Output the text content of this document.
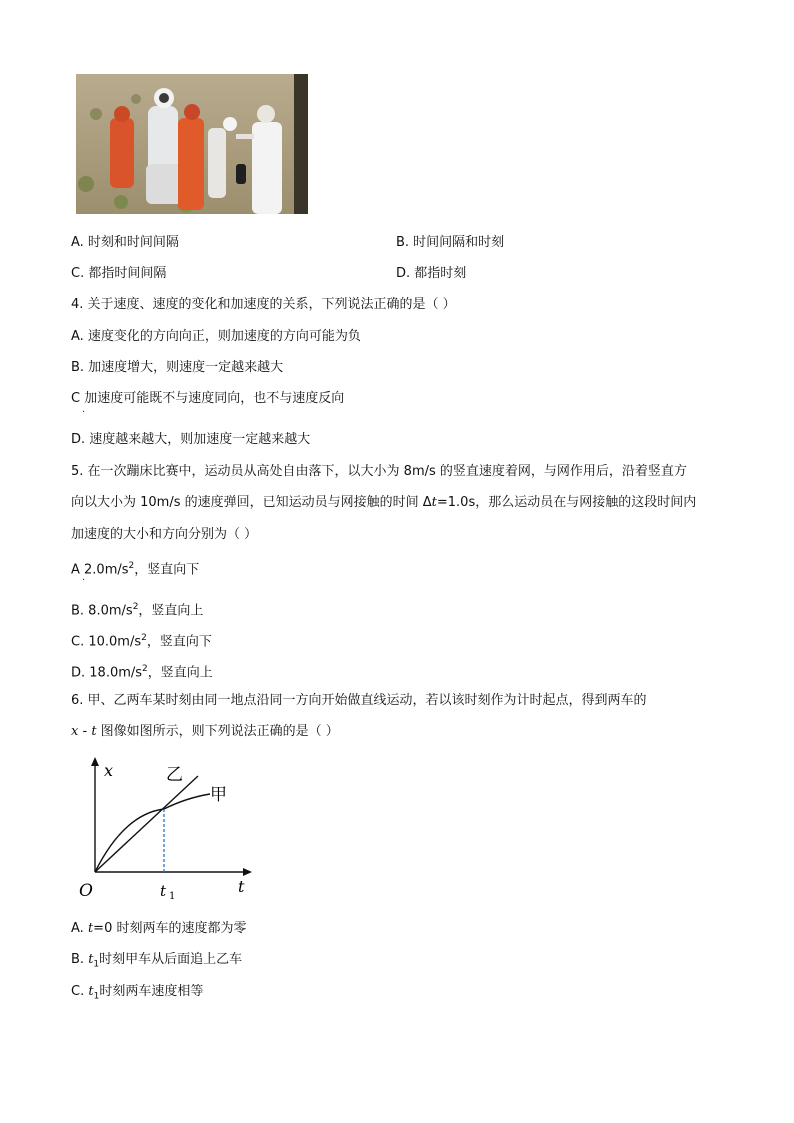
A. 时刻和时间间隔	B. 时间间隔和时刻
C. 都指时间间隔	D. 都指时刻
4. 关于速度、速度的变化和加速度的关系，下列说法正确的是（ ）
A. 速度变化的方向向正，则加速度的方向可能为负
B. 加速度增大，则速度一定越来越大
C 加速度可能既不与速度同向，也不与速度反向
·
D. 速度越来越大，则加速度一定越来越大
5. 在一次蹦床比赛中，运动员从高处自由落下，以大小为 8m/s 的竖直速度着网，与网作用后，沿着竖直方
向以大小为 10m/s 的速度弹回，已知运动员与网接触的时间 Δt=1.0s，那么运动员在与网接触的这段时间内
加速度的大小和方向分别为（ ）
A $2.0m/s^2$，竖直向下
·
B. $8.0m/s^2$，竖直向上
C. $10.0m/s^2$，竖直向下
D. $18.0m/s^2$，竖直向上
6. 甲、乙两车某时刻由同一地点沿同一方向开始做直线运动，若以该时刻作为计时起点，得到两车的
x - t 图像如图所示，则下列说法正确的是（ ）
x
t
O	t 1
乙
甲
A. t=0 时刻两车的速度都为零
B. $t_1$时刻甲车从后面追上乙车
C. $t_1$时刻两车速度相等
